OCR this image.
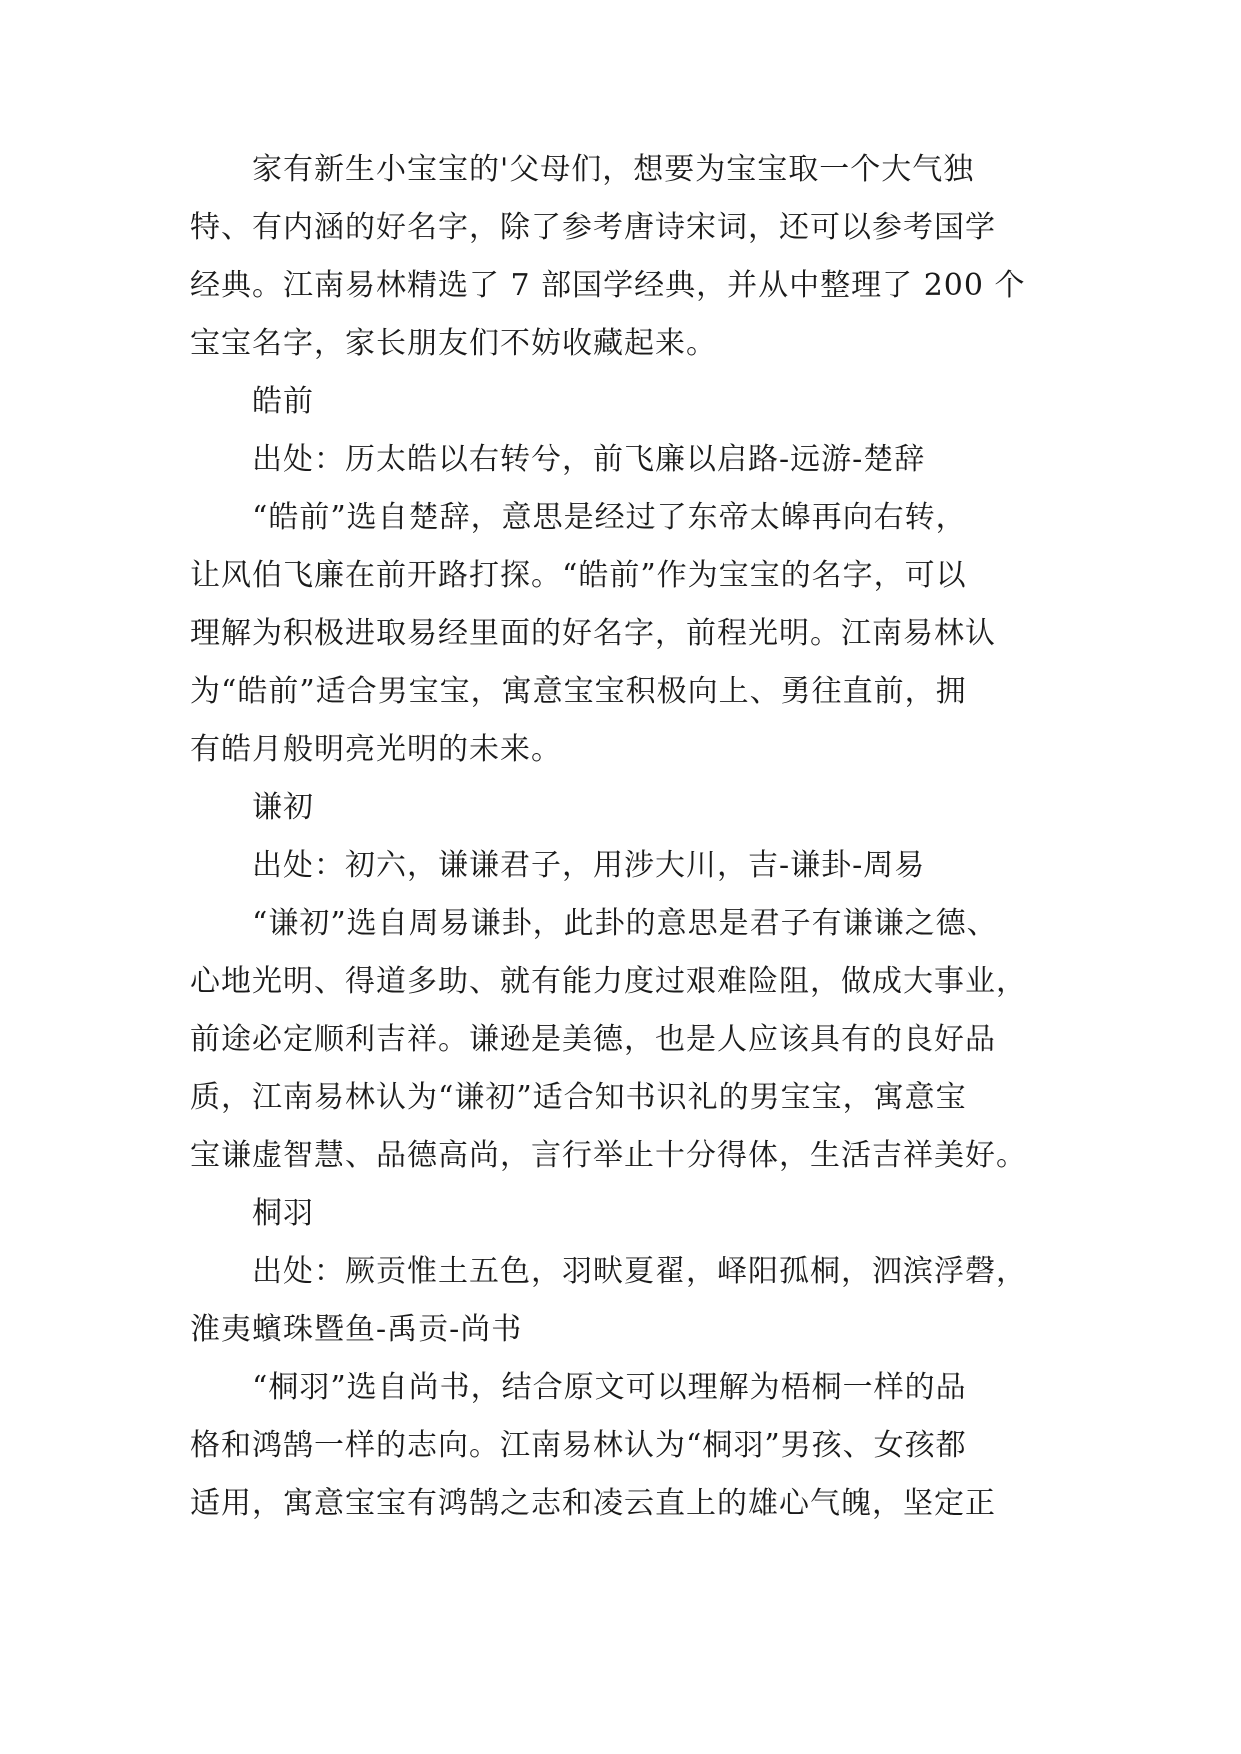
家有新生小宝宝的'父母们，想要为宝宝取一个大气独
特、有内涵的好名字，除了参考唐诗宋词，还可以参考国学
经典。江南易林精选了 7 部国学经典，并从中整理了 200 个
宝宝名字，家长朋友们不妨收藏起来。
皓前
出处：历太皓以右转兮，前飞廉以启路-远游-楚辞
“皓前”选自楚辞，意思是经过了东帝太皞再向右转，
让风伯飞廉在前开路打探。“皓前”作为宝宝的名字，可以
理解为积极进取易经里面的好名字，前程光明。江南易林认
为“皓前”适合男宝宝，寓意宝宝积极向上、勇往直前，拥
有皓月般明亮光明的未来。
谦初
出处：初六，谦谦君子，用涉大川，吉-谦卦-周易
“谦初”选自周易谦卦，此卦的意思是君子有谦谦之德、
心地光明、得道多助、就有能力度过艰难险阻，做成大事业，
前途必定顺利吉祥。谦逊是美德，也是人应该具有的良好品
质，江南易林认为“谦初”适合知书识礼的男宝宝，寓意宝
宝谦虚智慧、品德高尚，言行举止十分得体，生活吉祥美好。
桐羽
出处：厥贡惟土五色，羽畎夏翟，峄阳孤桐，泗滨浮磬，
淮夷蠙珠暨鱼-禹贡-尚书
“桐羽”选自尚书，结合原文可以理解为梧桐一样的品
格和鸿鹄一样的志向。江南易林认为“桐羽”男孩、女孩都
适用，寓意宝宝有鸿鹄之志和凌云直上的雄心气魄，坚定正
